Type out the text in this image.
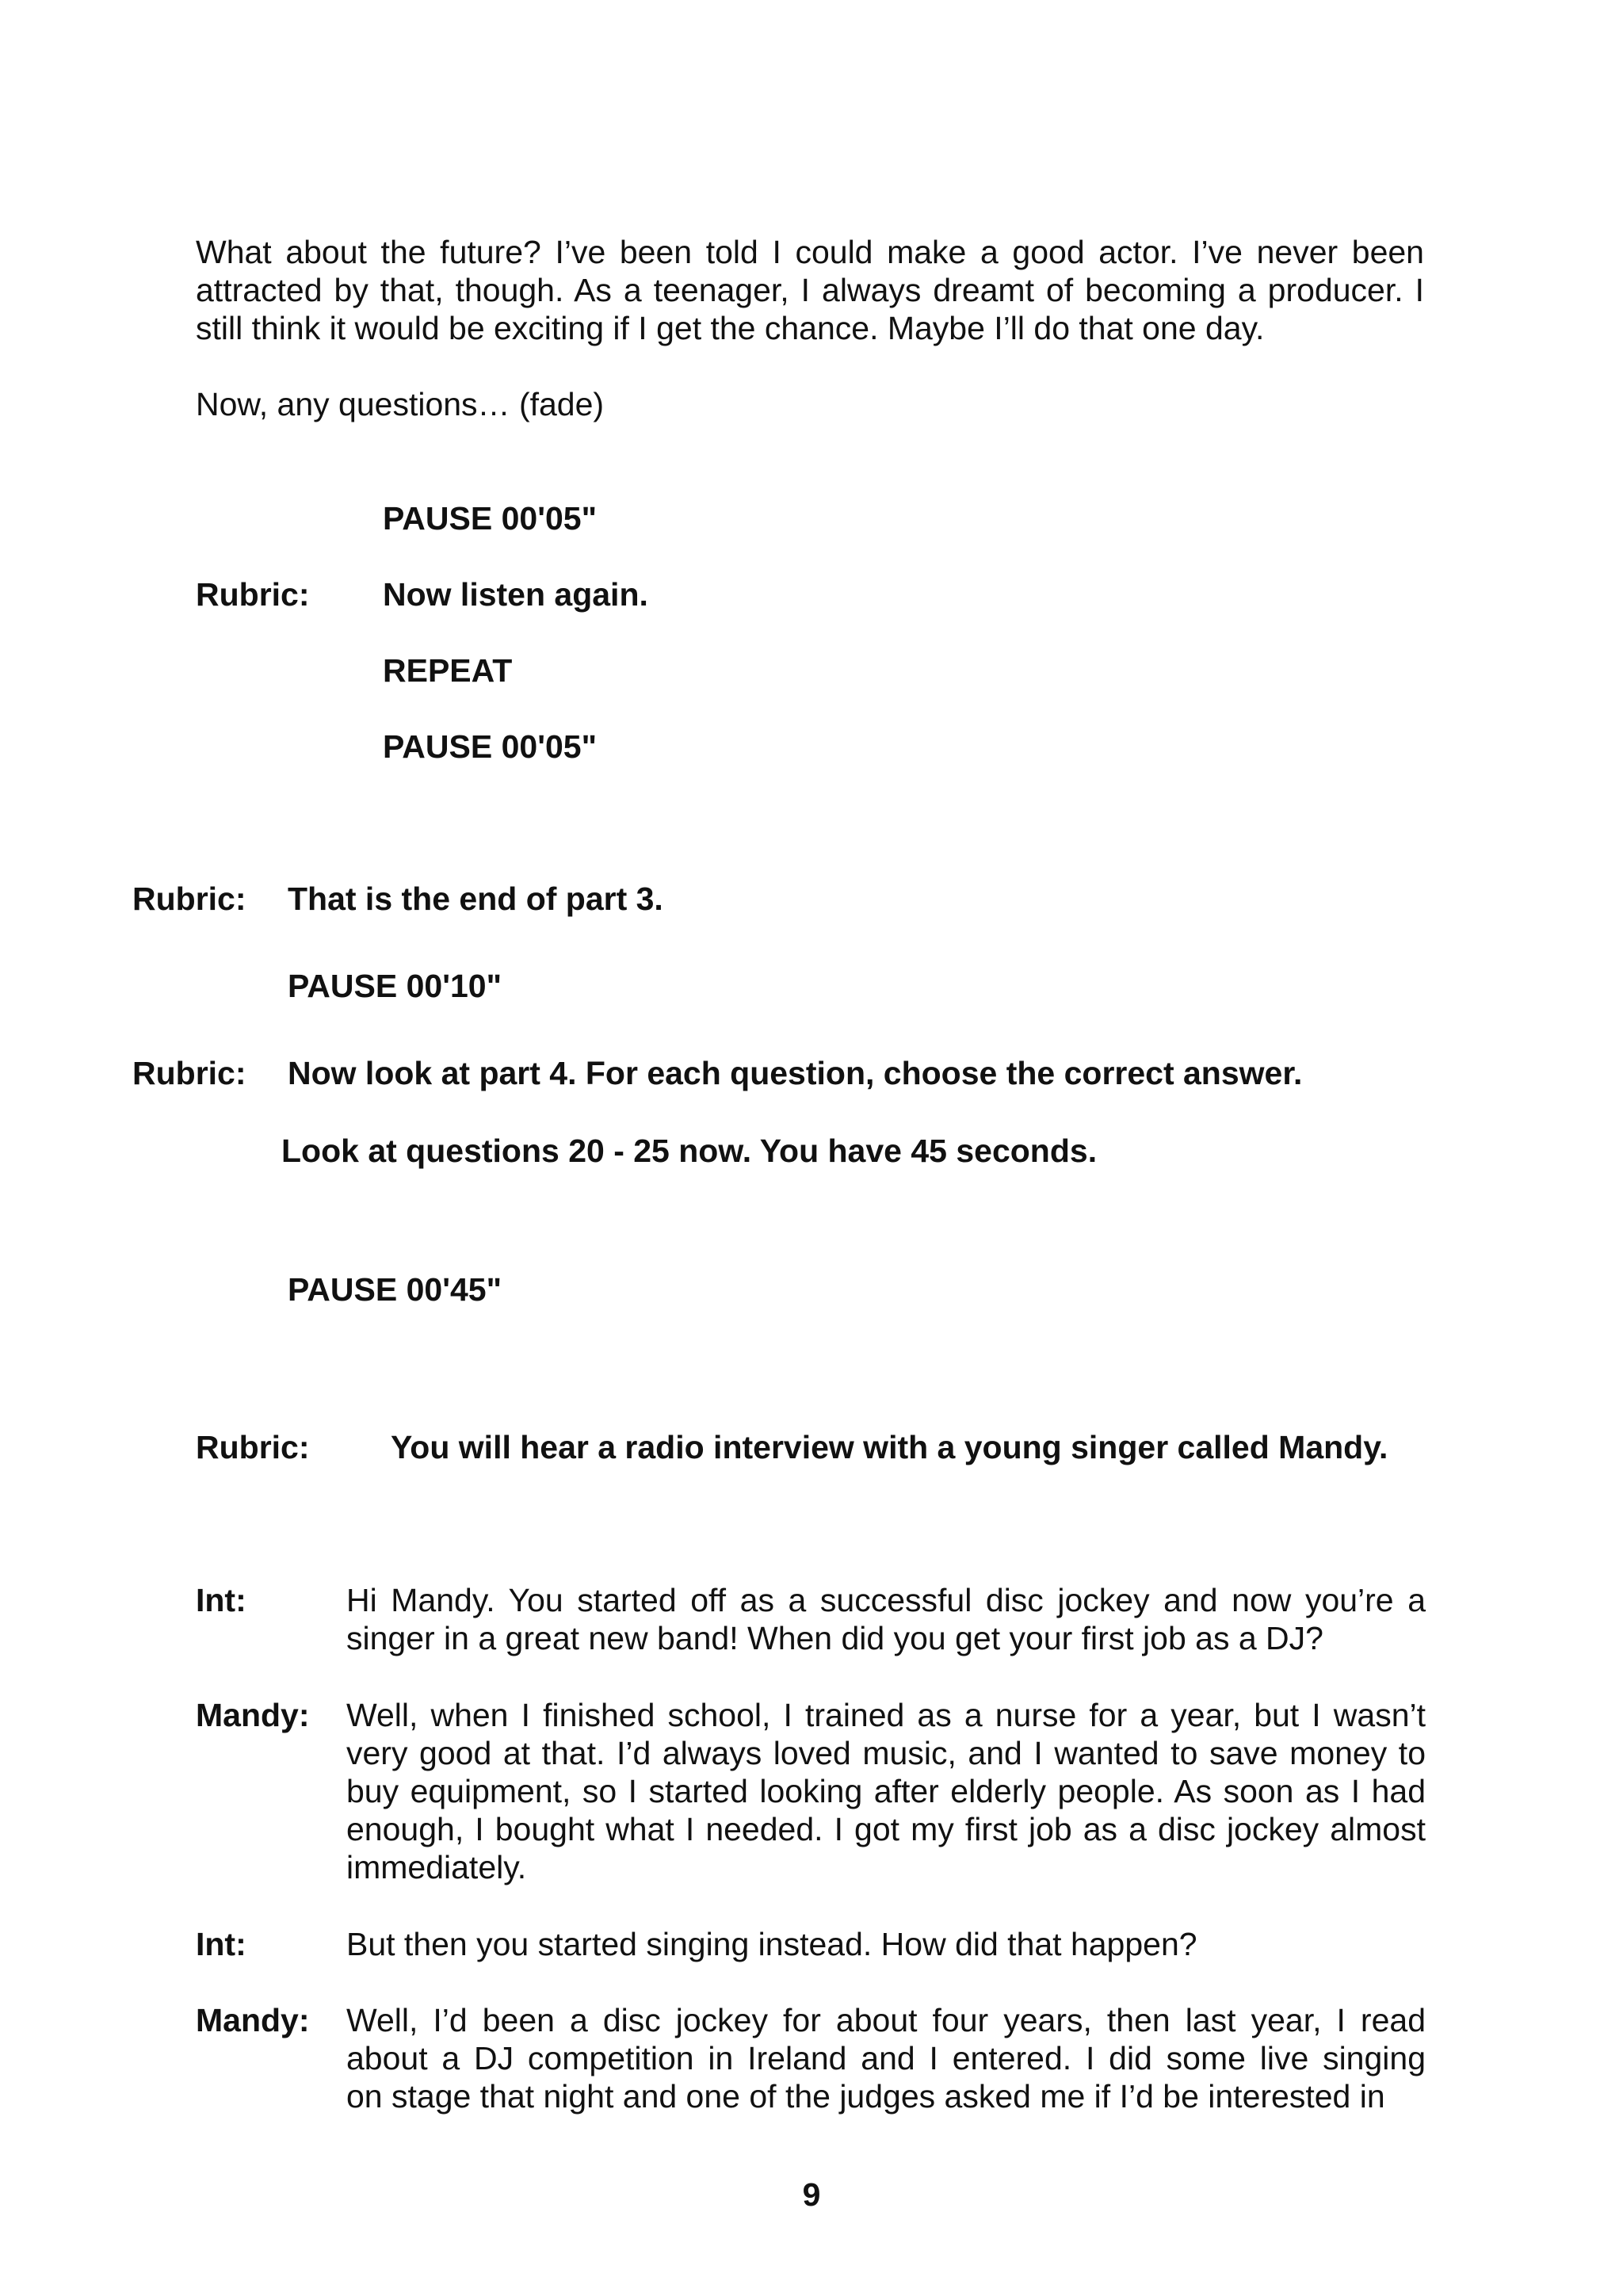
What about the future? I’ve been told I could make a good actor. I’ve never been attracted by that, though. As a teenager, I always dreamt of becoming a producer. I still think it would be exciting if I get the chance. Maybe I’ll do that one day.
Now, any questions… (fade)
PAUSE 00'05"
Rubric: Now listen again.
REPEAT
PAUSE 00'05"
Rubric: That is the end of part 3.
PAUSE 00'10"
Rubric: Now look at part 4. For each question, choose the correct answer.
Look at questions 20 - 25 now. You have 45 seconds.
PAUSE 00'45"
Rubric:	You will hear a radio interview with a young singer called Mandy.
Int:	Hi Mandy. You started off as a successful disc jockey and now you’re a
singer in a great new band! When did you get your first job as a DJ?
Mandy: Well, when I finished school, I trained as a nurse for a year, but I wasn’t
very good at that. I’d always loved music, and I wanted to save money to
buy equipment, so I started looking after elderly people. As soon as I had
enough, I bought what I needed. I got my first job as a disc jockey almost
immediately.
Int:	But then you started singing instead. How did that happen?
Mandy: Well, I’d been a disc jockey for about four years, then last year, I read
about a DJ competition in Ireland and I entered. I did some live singing
on stage that night and one of the judges asked me if I’d be interested in
9
